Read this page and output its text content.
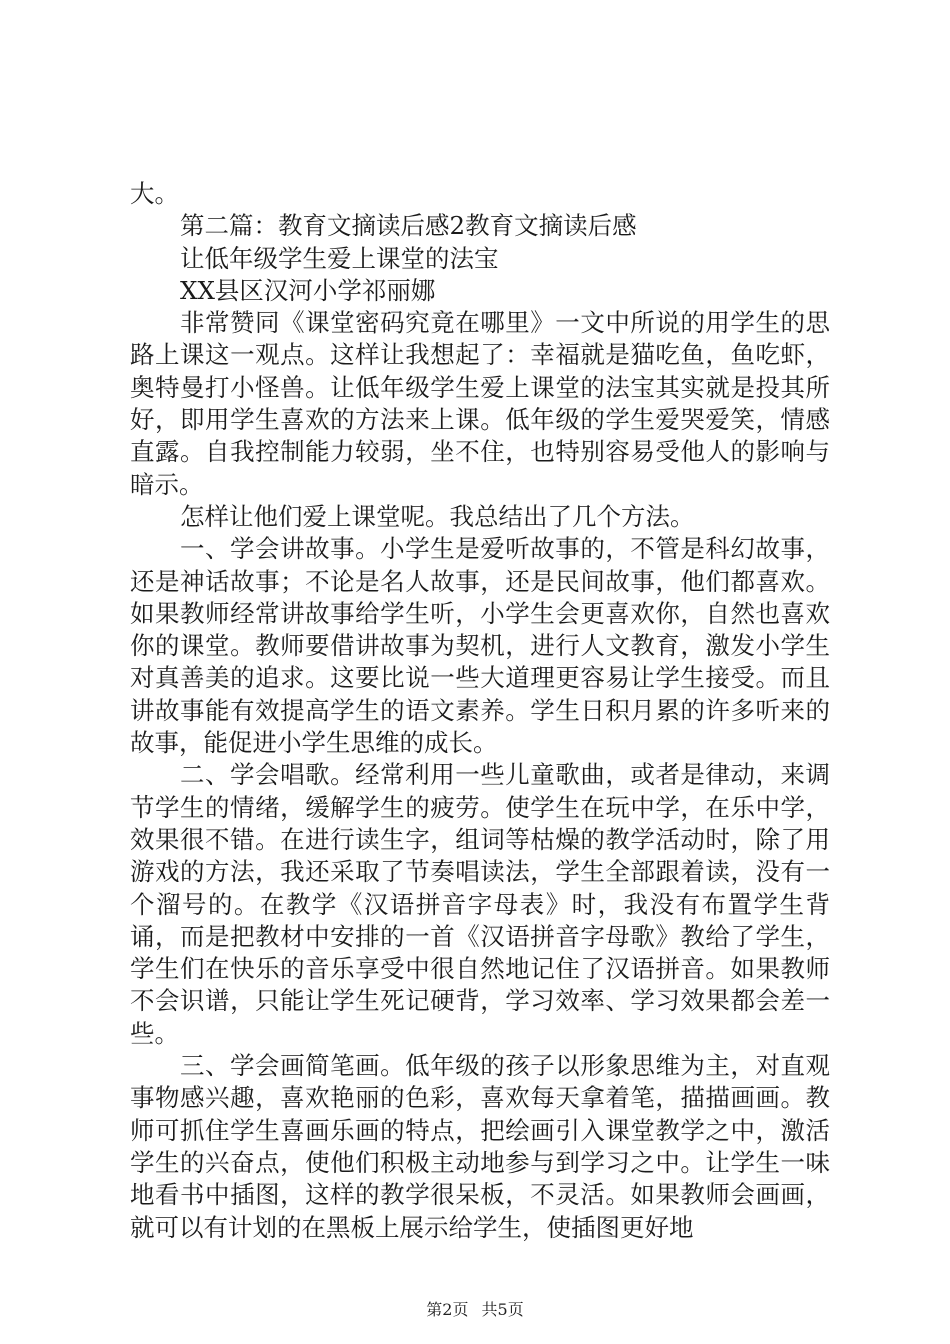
大。

第二篇：教育文摘读后感2教育文摘读后感

让低年级学生爱上课堂的法宝

XX县区汉河小学祁丽娜

非常赞同《课堂密码究竟在哪里》一文中所说的用学生的思路上课这一观点。这样让我想起了：幸福就是猫吃鱼，鱼吃虾，奥特曼打小怪兽。让低年级学生爱上课堂的法宝其实就是投其所好，即用学生喜欢的方法来上课。低年级的学生爱哭爱笑，情感直露。自我控制能力较弱，坐不住，也特别容易受他人的影响与暗示。

怎样让他们爱上课堂呢。我总结出了几个方法。

一、学会讲故事。小学生是爱听故事的，不管是科幻故事，还是神话故事；不论是名人故事，还是民间故事，他们都喜欢。如果教师经常讲故事给学生听，小学生会更喜欢你，自然也喜欢你的课堂。教师要借讲故事为契机，进行人文教育，激发小学生对真善美的追求。这要比说一些大道理更容易让学生接受。而且讲故事能有效提高学生的语文素养。学生日积月累的许多听来的故事，能促进小学生思维的成长。

二、学会唱歌。经常利用一些儿童歌曲，或者是律动，来调节学生的情绪，缓解学生的疲劳。使学生在玩中学，在乐中学，效果很不错。在进行读生字，组词等枯燥的教学活动时，除了用游戏的方法，我还采取了节奏唱读法，学生全部跟着读，没有一个溜号的。在教学《汉语拼音字母表》时，我没有布置学生背诵，而是把教材中安排的一首《汉语拼音字母歌》教给了学生，学生们在快乐的音乐享受中很自然地记住了汉语拼音。如果教师不会识谱，只能让学生死记硬背，学习效率、学习效果都会差一些。

三、学会画简笔画。低年级的孩子以形象思维为主，对直观事物感兴趣，喜欢艳丽的色彩，喜欢每天拿着笔，描描画画。教师可抓住学生喜画乐画的特点，把绘画引入课堂教学之中，激活学生的兴奋点，使他们积极主动地参与到学习之中。让学生一味地看书中插图，这样的教学很呆板，不灵活。如果教师会画画，就可以有计划的在黑板上展示给学生，使插图更好地

第2页 共5页
